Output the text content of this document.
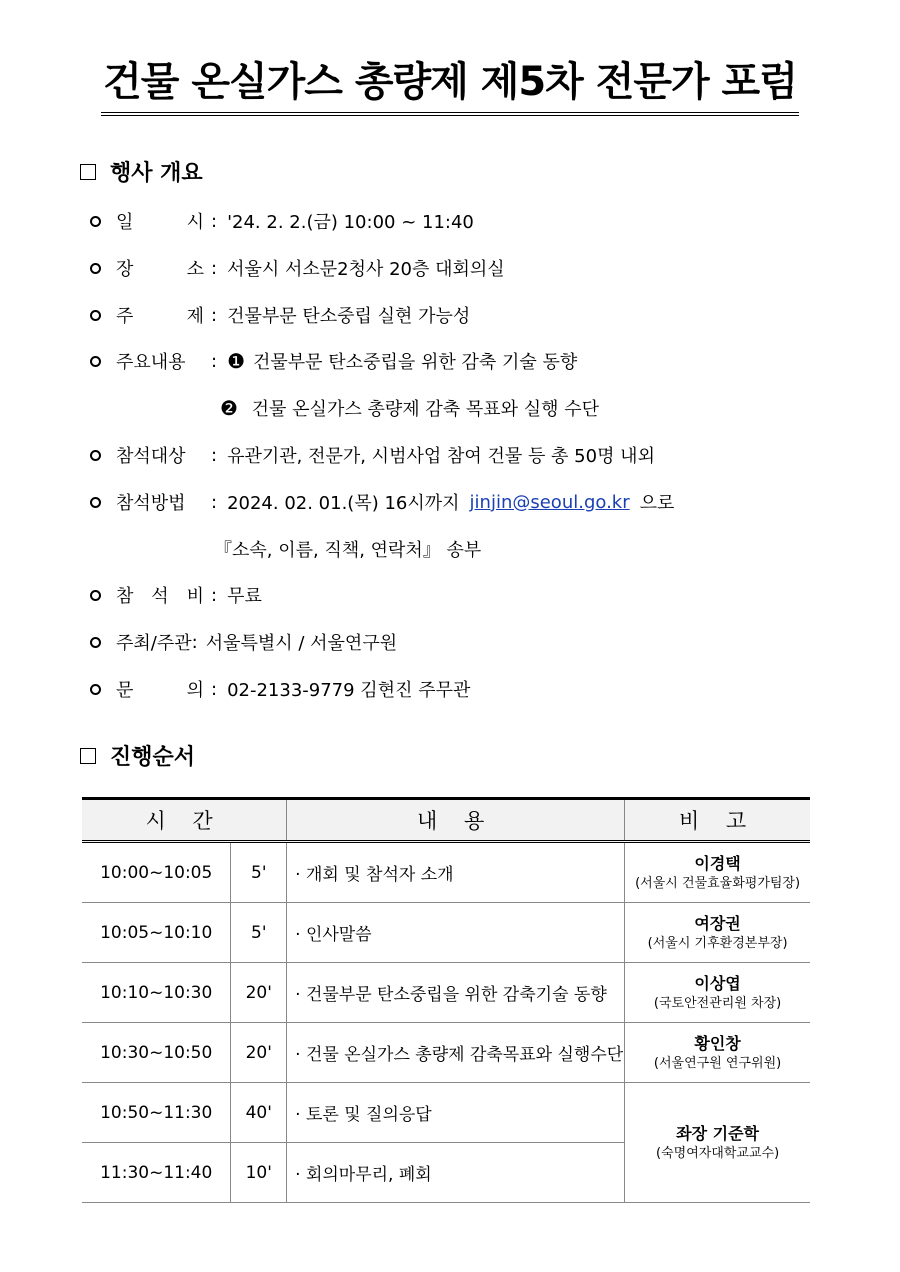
건물 온실가스 총량제 제5차 전문가 포럼
행사 개요
일 시 : '24. 2. 2.(금) 10:00 ~ 11:40
장 소 : 서울시 서소문2청사 20층 대회의실
주 제 : 건물부문 탄소중립 실현 가능성
주요내용	: ❶ 건물부문 탄소중립을 위한 감축 기술 동향
❷ 건물 온실가스 총량제 감축 목표와 실행 수단
참석대상	: 유관기관, 전문가, 시범사업 참여 건물 등 총 50명 내외
참석방법	: 2024. 02. 01.(목) 16시까지 jinjin@seoul.go.kr 으로
『소속, 이름, 직책, 연락처』 송부
참 석 비 : 무료
주최/주관 : 서울특별시 / 서울연구원
문 의 : 02-2133-9779 김현진 주무관
진행순서
시 간		내 용	비 고
10:00~10:05	5'	· 개회 및 참석자 소개	이경택
(서울시 건물효율화평가팀장)

10:05~10:10	5'	· 인사말씀	여장권
(서울시 기후환경본부장)

10:10~10:30	20'	· 건물부문 탄소중립을 위한 감축기술 동향	이상엽
(국토안전관리원 차장)

10:30~10:50	20'	· 건물 온실가스 총량제 감축목표와 실행수단	황인창
(서울연구원 연구위원)

10:50~11:30	40'	· 토론 및 질의응답	좌장 기준학
(숙명여자대학교교수)

11:30~11:40	10'	· 회의마무리, 폐회	
